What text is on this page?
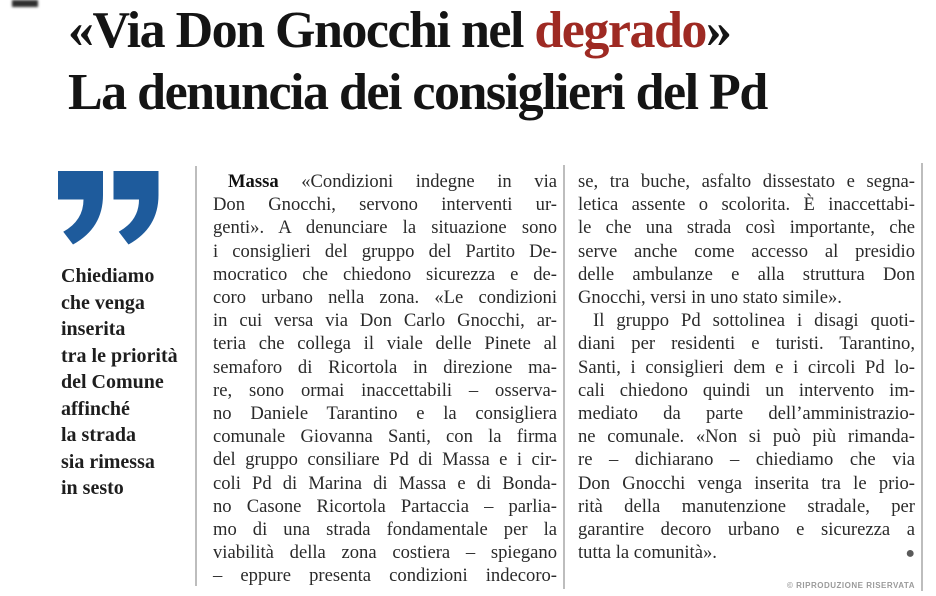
«Via Don Gnocchi nel degrado»
La denuncia dei consiglieri del Pd
Chiediamo
che venga
inserita
tra le priorità
del Comune
affinché
la strada
sia rimessa
in sesto
Massa «Condizioni indegne in via
Don Gnocchi, servono interventi ur-
genti». A denunciare la situazione sono
i consiglieri del gruppo del Partito De-
mocratico che chiedono sicurezza e de-
coro urbano nella zona. «Le condizioni
in cui versa via Don Carlo Gnocchi, ar-
teria che collega il viale delle Pinete al
semaforo di Ricortola in direzione ma-
re, sono ormai inaccettabili – osserva-
no Daniele Tarantino e la consigliera
comunale Giovanna Santi, con la firma
del gruppo consiliare Pd di Massa e i cir-
coli Pd di Marina di Massa e di Bonda-
no Casone Ricortola Partaccia – parlia-
mo di una strada fondamentale per la
viabilità della zona costiera – spiegano
– eppure presenta condizioni indecoro-
se, tra buche, asfalto dissestato e segna-
letica assente o scolorita. È inaccettabi-
le che una strada così importante, che
serve anche come accesso al presidio
delle ambulanze e alla struttura Don
Gnocchi, versi in uno stato simile».
Il gruppo Pd sottolinea i disagi quoti-
diani per residenti e turisti. Tarantino,
Santi, i consiglieri dem e i circoli Pd lo-
cali chiedono quindi un intervento im-
mediato da parte dell’amministrazio-
ne comunale. «Non si può più rimanda-
re – dichiarano – chiediamo che via
Don Gnocchi venga inserita tra le prio-
rità della manutenzione stradale, per
garantire decoro urbano e sicurezza a
tutta la comunità».	●
© RIPRODUZIONE RISERVATA
